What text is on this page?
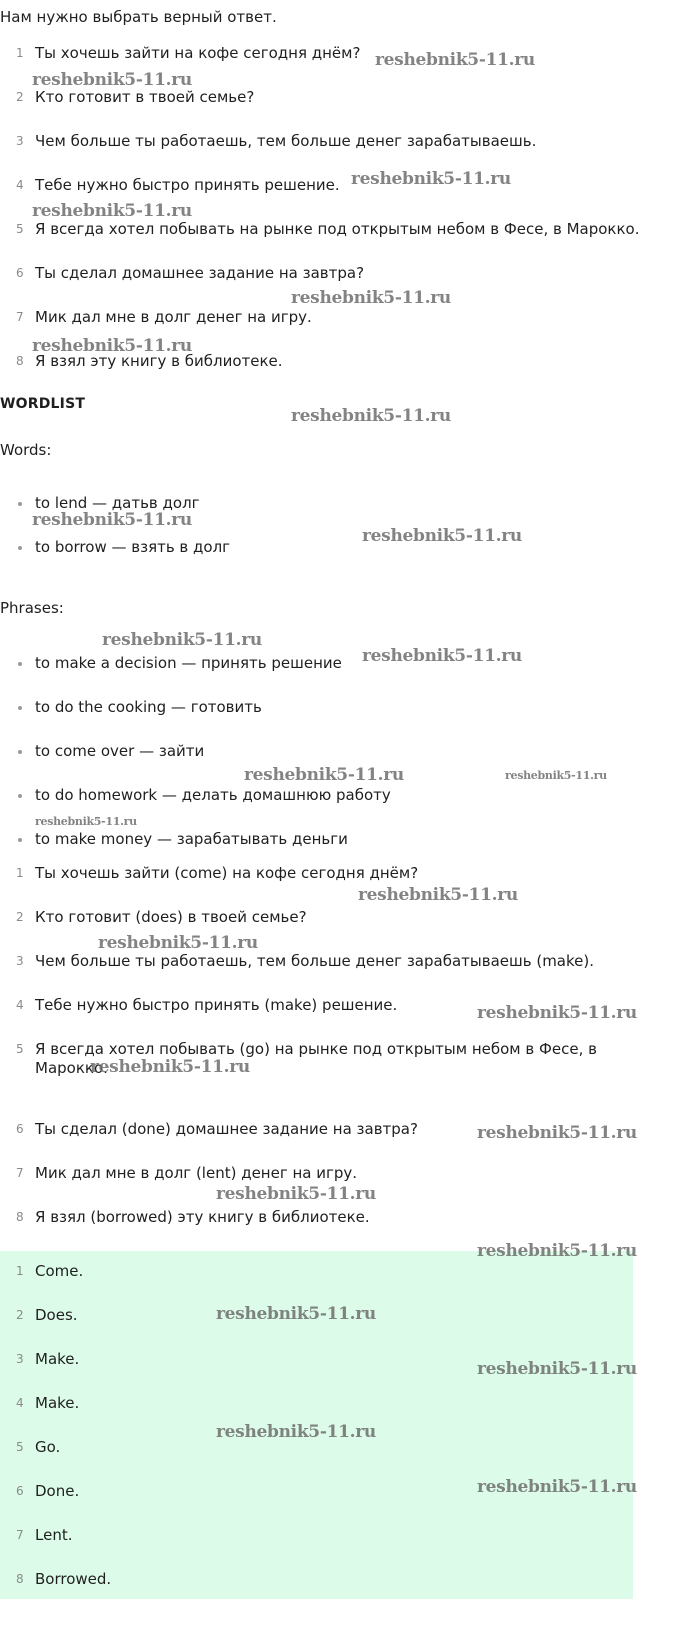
Нам нужно выбрать верный ответ.
1 Ты хочешь зайти на кофе сегодня днём?
2 Кто готовит в твоей семье?
3 Чем больше ты работаешь, тем больше денег зарабатываешь.
4 Тебе нужно быстро принять решение.
5 Я всегда хотел побывать на рынке под открытым небом в Фесе, в Марокко.
6 Ты сделал домашнее задание на завтра?
7 Мик дал мне в долг денег на игру.
8 Я взял эту книгу в библиотеке.
WORDLIST
Words:
to lend — датьв долг
to borrow — взять в долг
Phrases:
to make a decision — принять решение
to do the cooking — готовить
to come over — зайти
to do homework — делать домашнюю работу
to make money — зарабатывать деньги
1 Ты хочешь зайти (come) на кофе сегодня днём?
2 Кто готовит (does) в твоей семье?
3 Чем больше ты работаешь, тем больше денег зарабатываешь (make).
4 Тебе нужно быстро принять (make) решение.
5 Я всегда хотел побывать (go) на рынке под открытым небом в Фесе, в Марокко.
6 Ты сделал (done) домашнее задание на завтра?
7 Мик дал мне в долг (lent) денег на игру.
8 Я взял (borrowed) эту книгу в библиотеке.
1 Come.
2 Does.
3 Make.
4 Make.
5 Go.
6 Done.
7 Lent.
8 Borrowed.
reshebnik5-11.ru
reshebnik5-11.ru
reshebnik5-11.ru
reshebnik5-11.ru
reshebnik5-11.ru
reshebnik5-11.ru
reshebnik5-11.ru
reshebnik5-11.ru
reshebnik5-11.ru
reshebnik5-11.ru
reshebnik5-11.ru
reshebnik5-11.ru	reshebnik5-11.ru
reshebnik5-11.ru
reshebnik5-11.ru
reshebnik5-11.ru
reshebnik5-11.ru
reshebnik5-11.ru
reshebnik5-11.ru
reshebnik5-11.ru
reshebnik5-11.ru
reshebnik5-11.ru
reshebnik5-11.ru
reshebnik5-11.ru
reshebnik5-11.ru
